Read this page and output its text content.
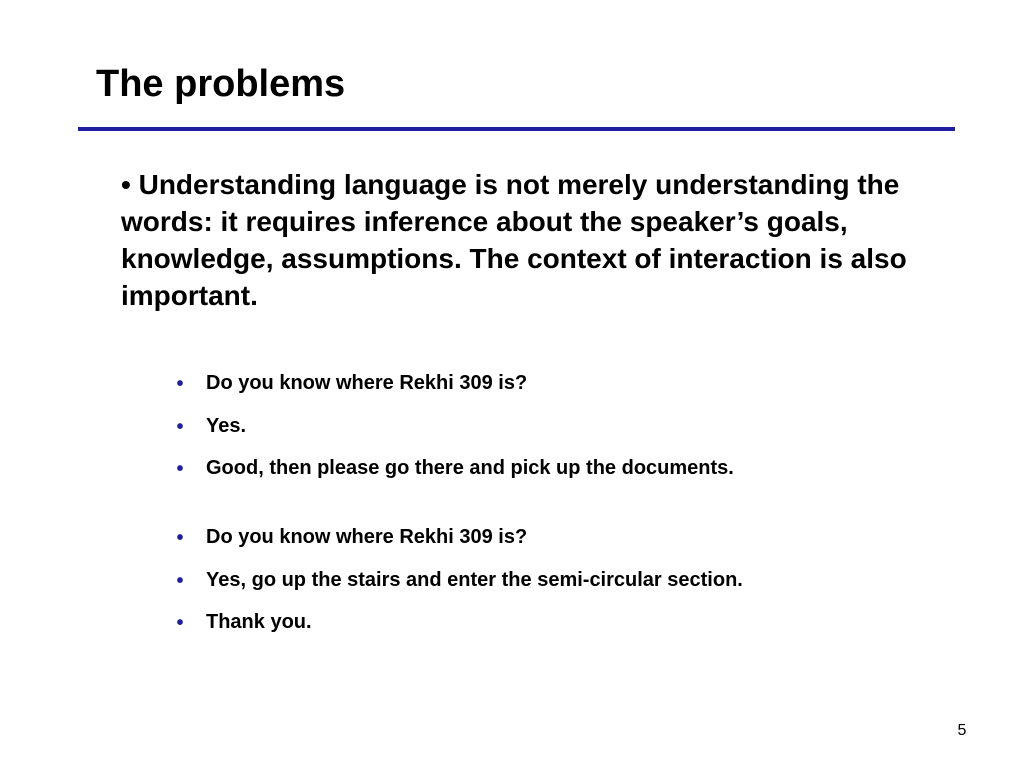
The problems

• Understanding language is not merely understanding the words: it requires inference about the speaker’s goals, knowledge, assumptions. The context of interaction is also important.

•	Do you know where Rekhi 309 is?
•	Yes.
•	Good, then please go there and pick up the documents.
•	Do you know where Rekhi 309 is?
•	Yes, go up the stairs and enter the semi-circular section.
•	Thank you.
5
